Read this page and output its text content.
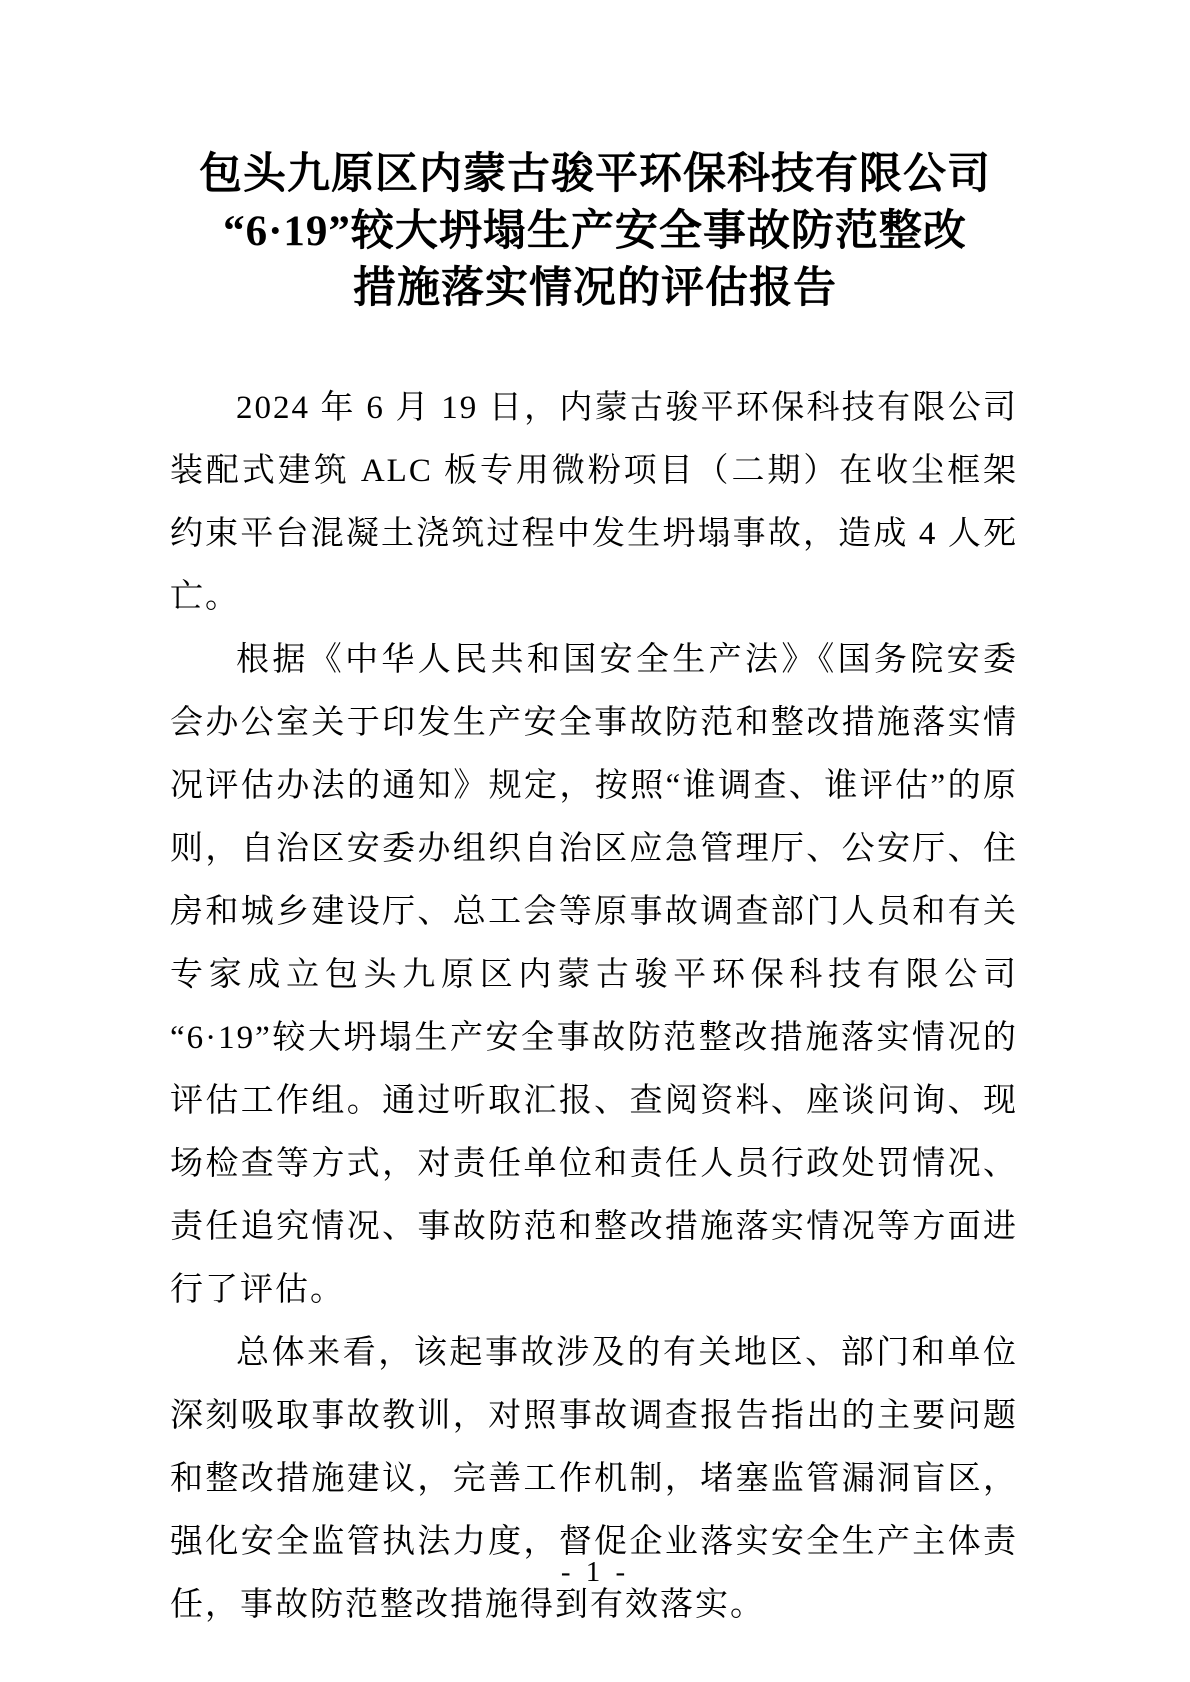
包头九原区内蒙古骏平环保科技有限公司
“6·19”较大坍塌生产安全事故防范整改
措施落实情况的评估报告

2024 年 6 月 19 日，内蒙古骏平环保科技有限公司装配式建筑 ALC 板专用微粉项目（二期）在收尘框架约束平台混凝土浇筑过程中发生坍塌事故，造成 4 人死亡。

根据《中华人民共和国安全生产法》《国务院安委会办公室关于印发生产安全事故防范和整改措施落实情况评估办法的通知》规定，按照“谁调查、谁评估”的原则，自治区安委办组织自治区应急管理厅、公安厅、住房和城乡建设厅、总工会等原事故调查部门人员和有关专家成立包头九原区内蒙古骏平环保科技有限公司“6·19”较大坍塌生产安全事故防范整改措施落实情况的评估工作组。通过听取汇报、查阅资料、座谈问询、现场检查等方式，对责任单位和责任人员行政处罚情况、责任追究情况、事故防范和整改措施落实情况等方面进行了评估。

总体来看，该起事故涉及的有关地区、部门和单位深刻吸取事故教训，对照事故调查报告指出的主要问题和整改措施建议，完善工作机制，堵塞监管漏洞盲区，强化安全监管执法力度，督促企业落实安全生产主体责任，事故防范整改措施得到有效落实。

- 1 -
